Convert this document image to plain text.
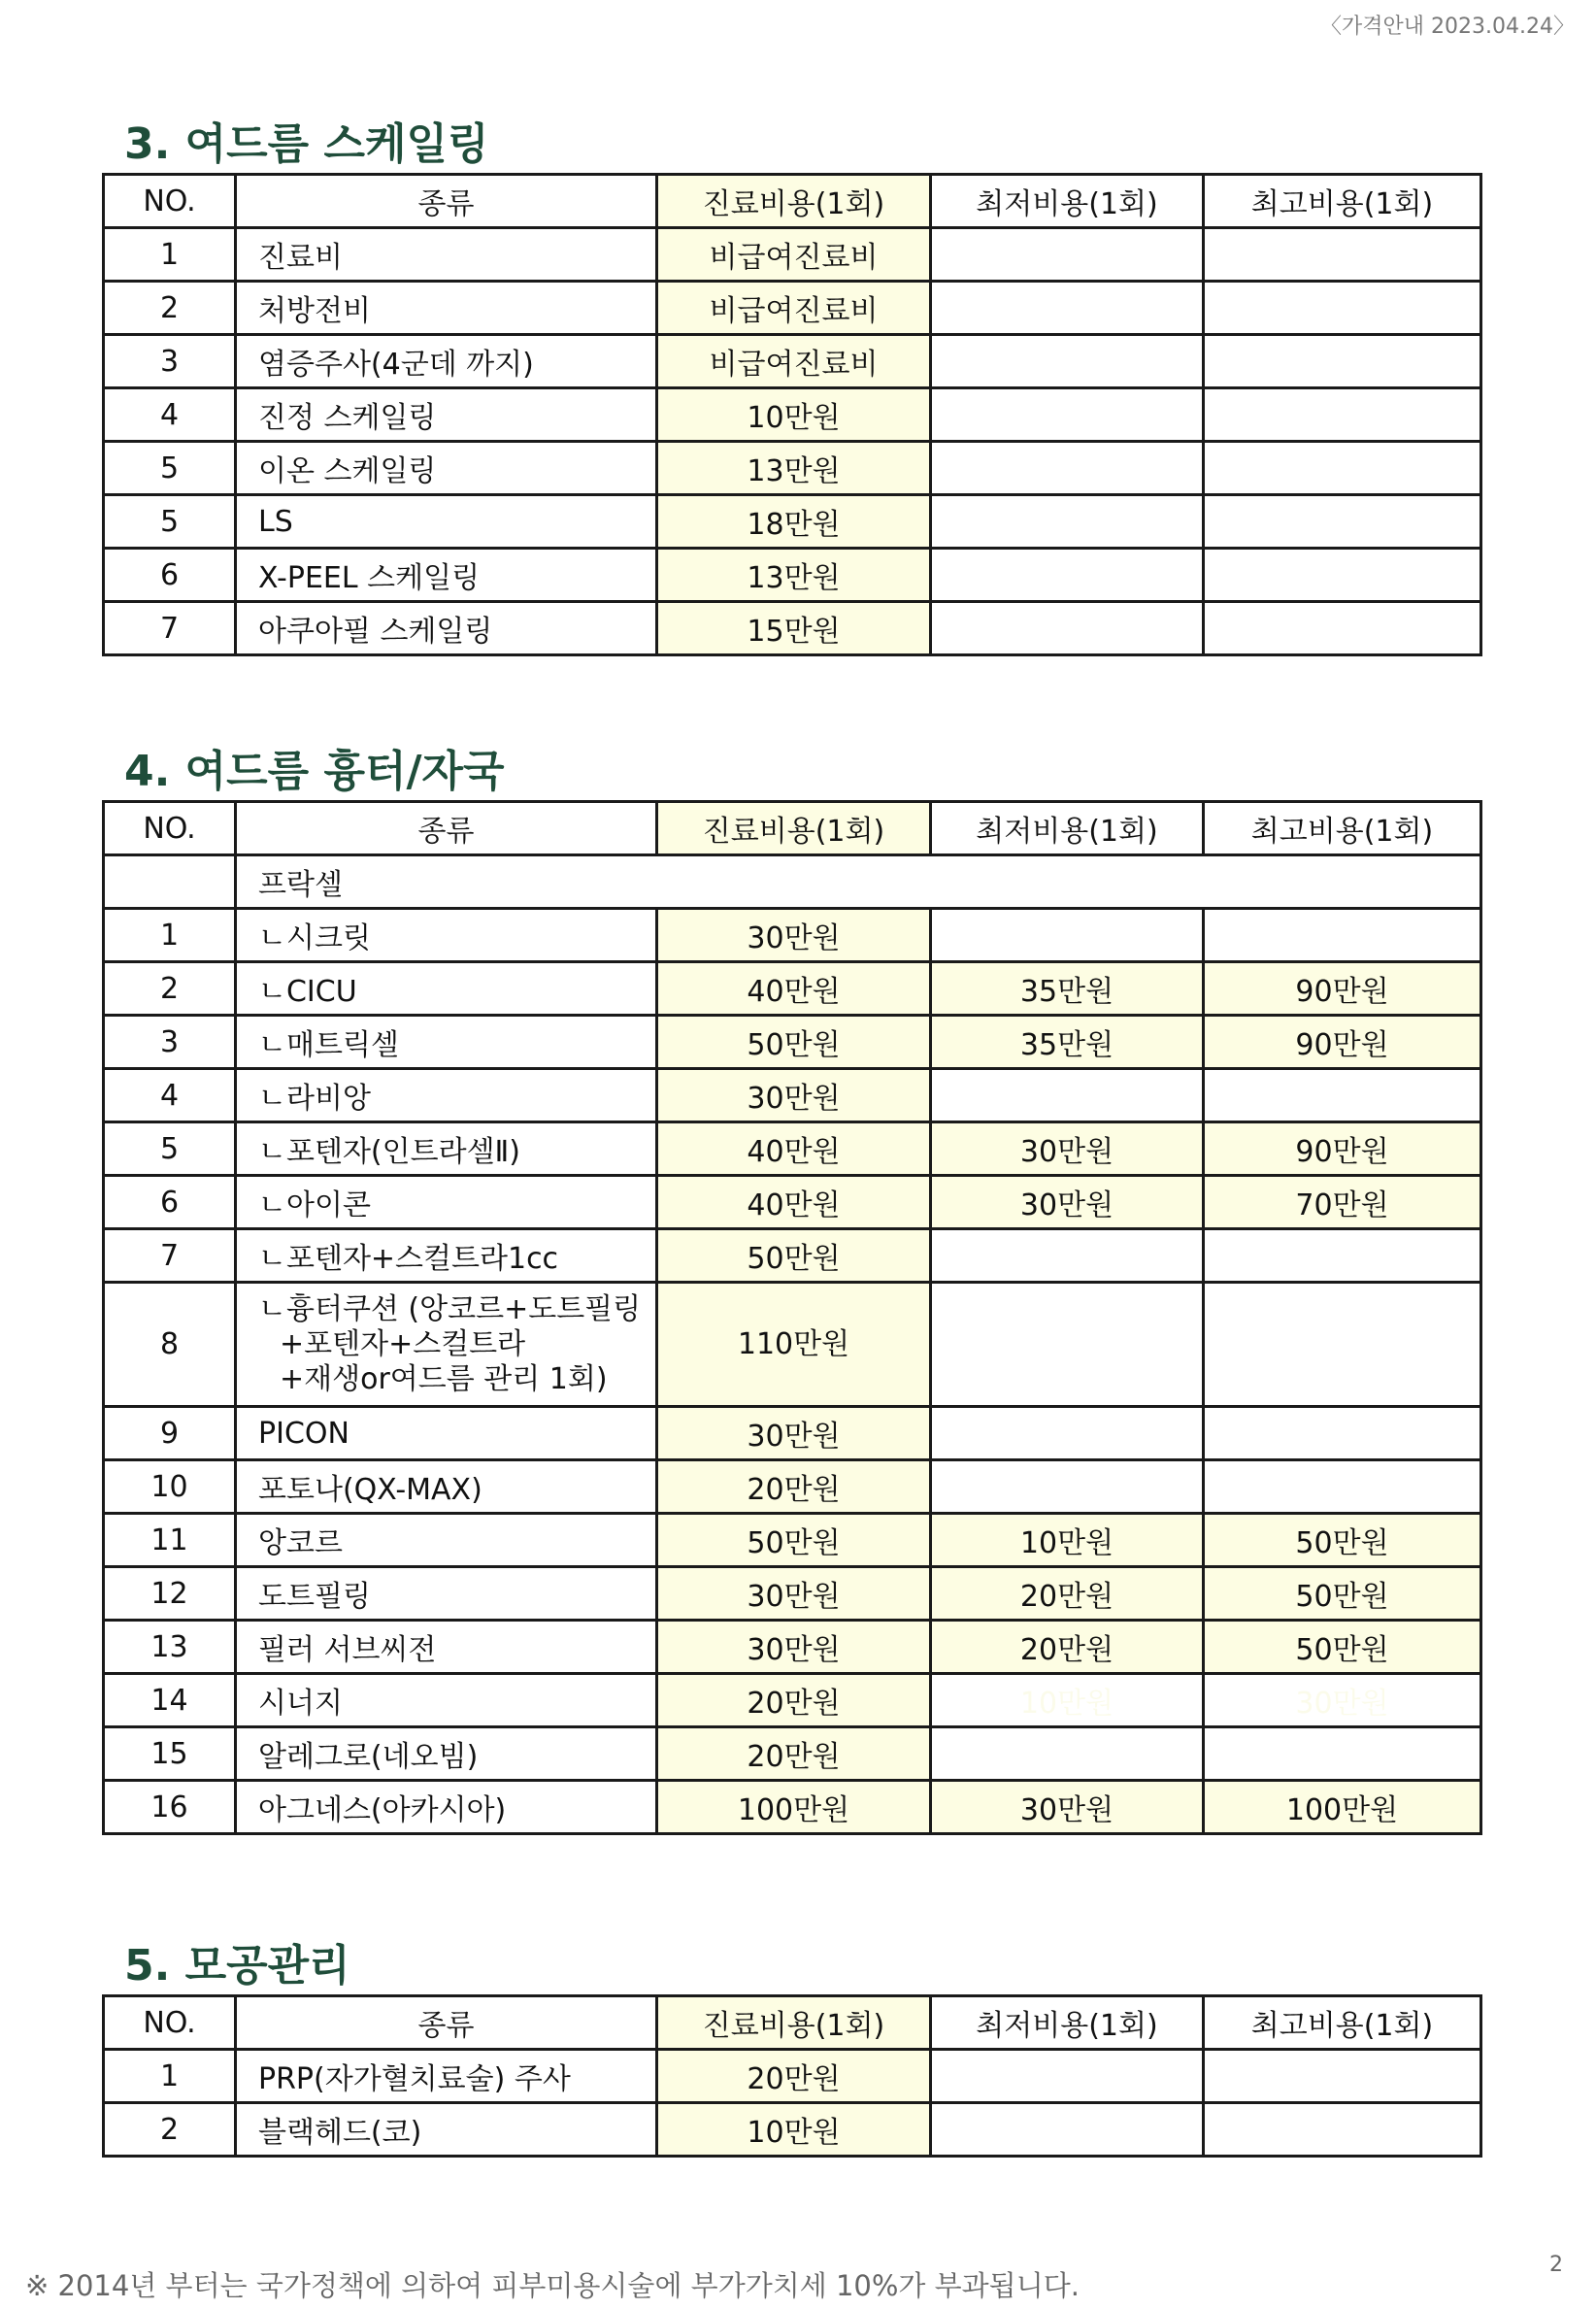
〈가격안내 2023.04.24〉
3. 여드름 스케일링
NO.	종류	진료비용(1회)	최저비용(1회)	최고비용(1회)
1	진료비	비급여진료비		
2	처방전비	비급여진료비		
3	염증주사(4군데 까지)	비급여진료비		
4	진정 스케일링	10만원		
5	이온 스케일링	13만원		
5	LS	18만원		
6	X-PEEL 스케일링	13만원		
7	아쿠아필 스케일링	15만원		
4. 여드름 흉터/자국
NO.	종류	진료비용(1회)	최저비용(1회)	최고비용(1회)
	프락셀			
1	ㄴ시크릿	30만원		
2	ㄴCICU	40만원	35만원	90만원
3	ㄴ매트릭셀	50만원	35만원	90만원
4	ㄴ라비앙	30만원		
5	ㄴ포텐자(인트라셀Ⅱ)	40만원	30만원	90만원
6	ㄴ아이콘	40만원	30만원	70만원
7	ㄴ포텐자+스컬트라1cc	50만원		
8	ㄴ흉터쿠션 (앙코르+도트필링
+포텐자+스컬트라
+재생or여드름 관리 1회)	110만원		
9	PICON	30만원		
10	포토나(QX-MAX)	20만원		
11	앙코르	50만원	10만원	50만원
12	도트필링	30만원	20만원	50만원
13	필러 서브씨전	30만원	20만원	50만원
14	시너지	20만원	10만원	30만원
15	알레그로(네오빔)	20만원		
16	아그네스(아카시아)	100만원	30만원	100만원
5. 모공관리
NO.	종류	진료비용(1회)	최저비용(1회)	최고비용(1회)
1	PRP(자가혈치료술) 주사	20만원		
2	블랙헤드(코)	10만원		
※ 2014년 부터는 국가정책에 의하여 피부미용시술에 부가가치세 10%가 부과됩니다.
2
